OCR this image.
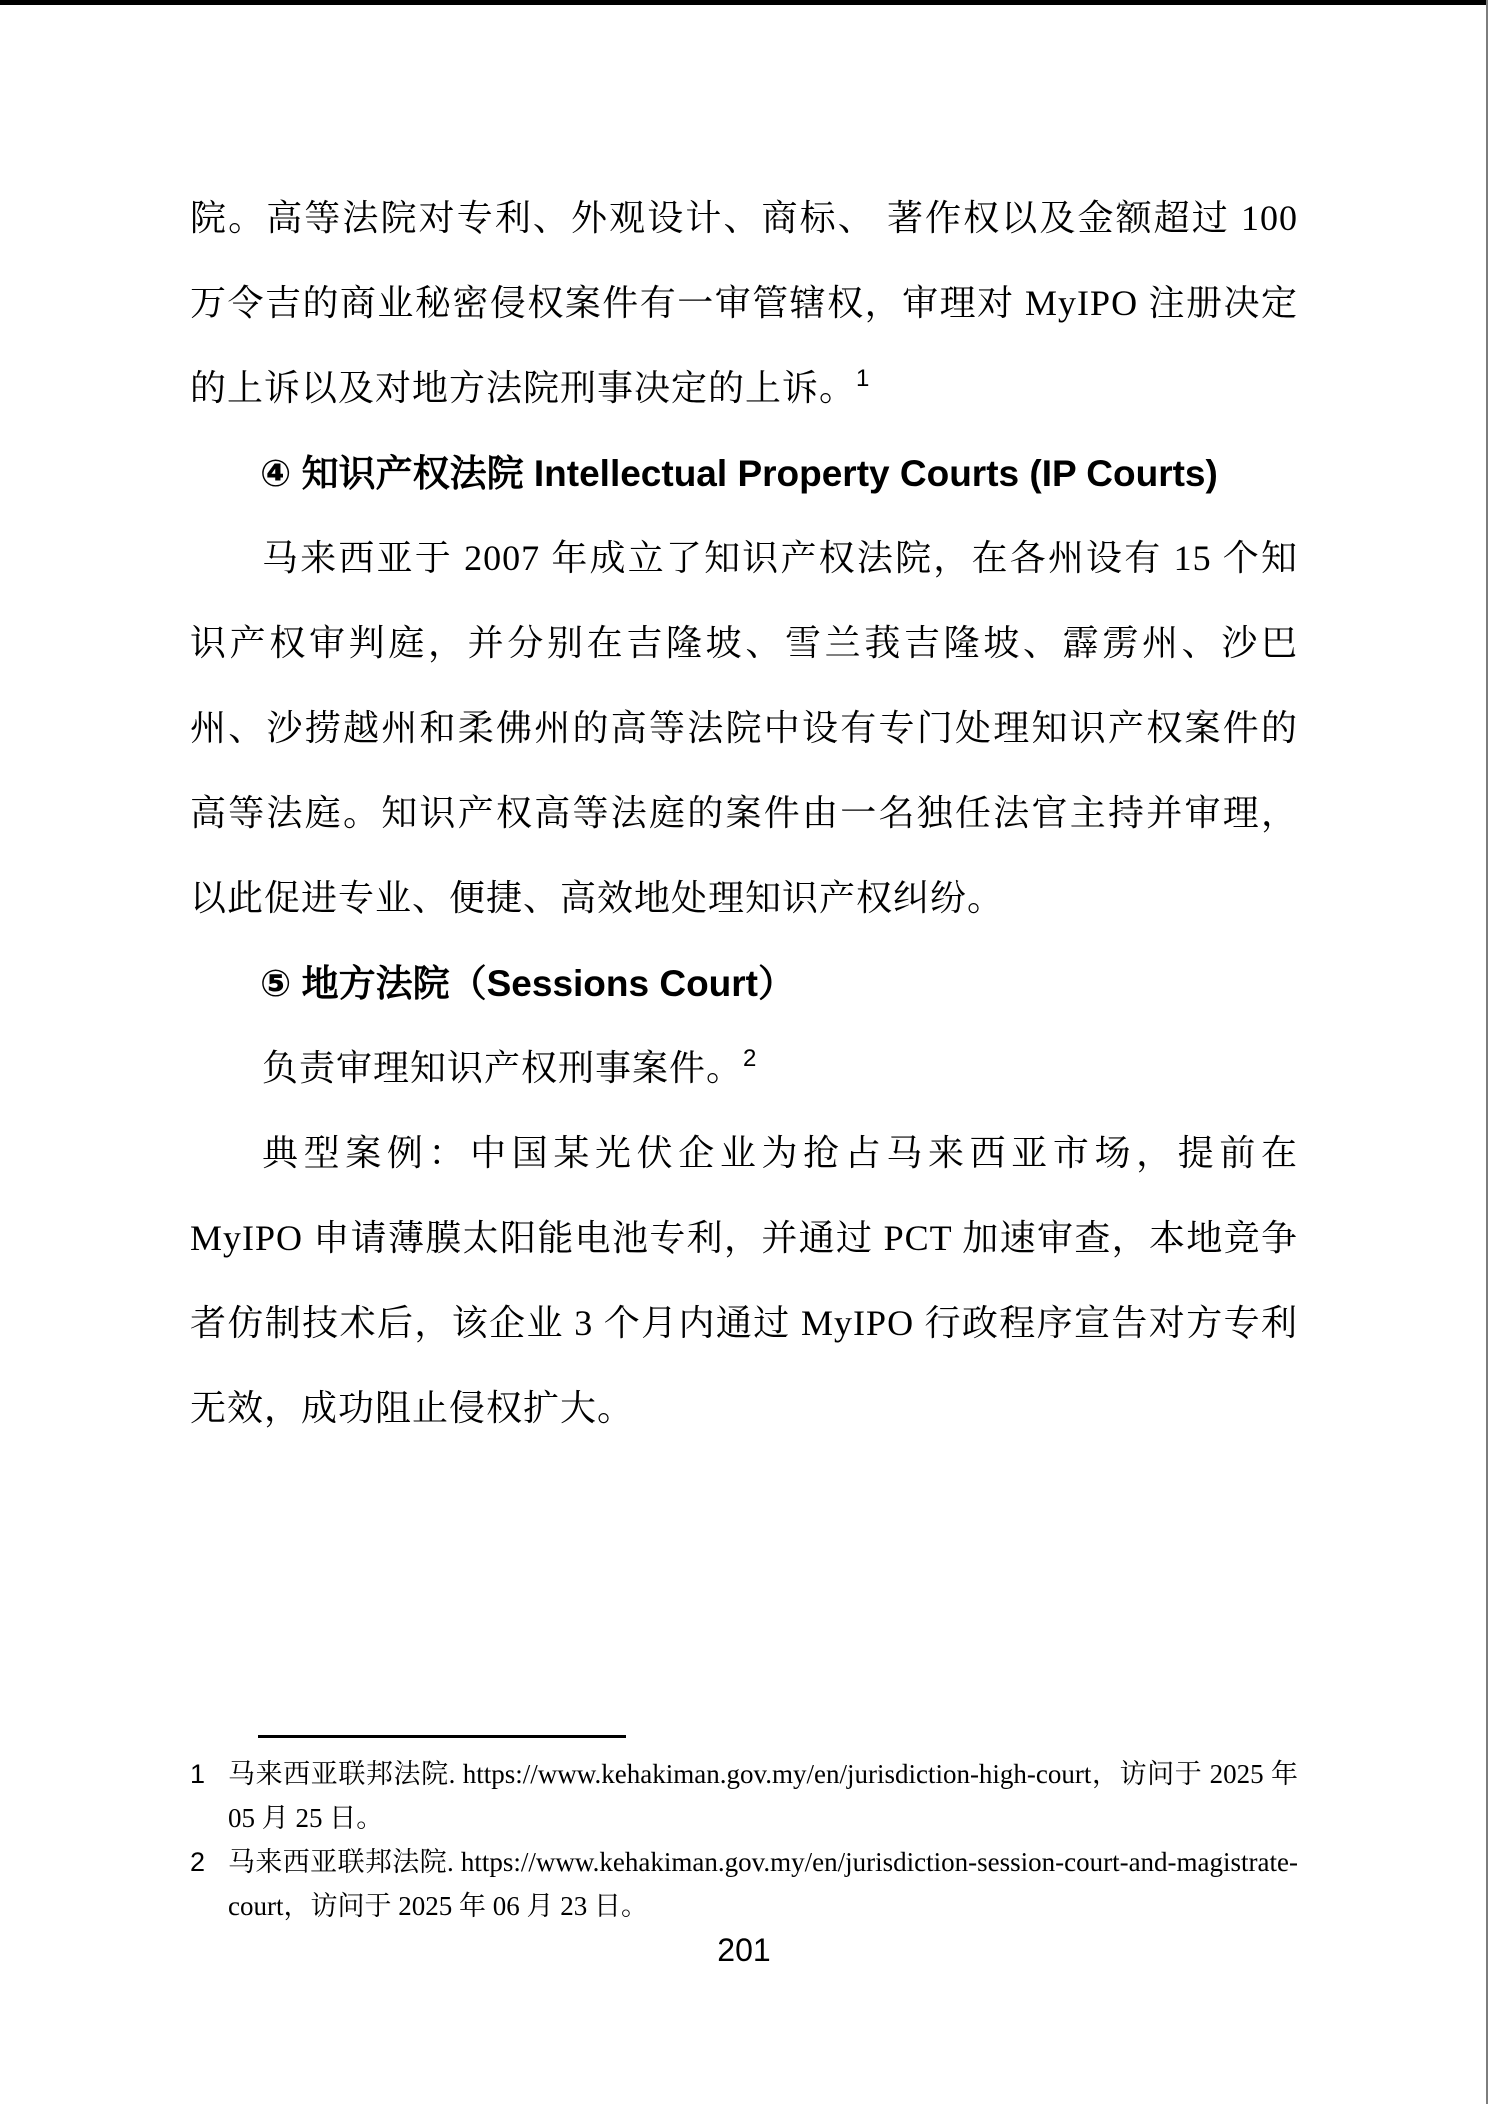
院。高等法院对专利、外观设计、商标、 著作权以及金额超过 100 万令吉的商业秘密侵权案件有一审管辖权，审理对 MyIPO 注册决定的上诉以及对地方法院刑事决定的上诉。$^1$

④ 知识产权法院 Intellectual Property Courts (IP Courts)

马来西亚于 2007 年成立了知识产权法院，在各州设有 15 个知识产权审判庭，并分别在吉隆坡、雪兰莪吉隆坡、霹雳州、沙巴州、沙捞越州和柔佛州的高等法院中设有专门处理知识产权案件的高等法庭。知识产权高等法庭的案件由一名独任法官主持并审理，以此促进专业、便捷、高效地处理知识产权纠纷。

⑤ 地方法院（Sessions Court）

负责审理知识产权刑事案件。$^2$

典型案例：中国某光伏企业为抢占马来西亚市场，提前在 MyIPO 申请薄膜太阳能电池专利，并通过 PCT 加速审查，本地竞争者仿制技术后，该企业 3 个月内通过 MyIPO 行政程序宣告对方专利无效，成功阻止侵权扩大。

1 马来西亚联邦法院. https://www.kehakiman.gov.my/en/jurisdiction-high-court，访问于 2025 年 05 月 25 日。
2 马来西亚联邦法院. https://www.kehakiman.gov.my/en/jurisdiction-session-court-and-magistrate-court，访问于 2025 年 06 月 23 日。
201
